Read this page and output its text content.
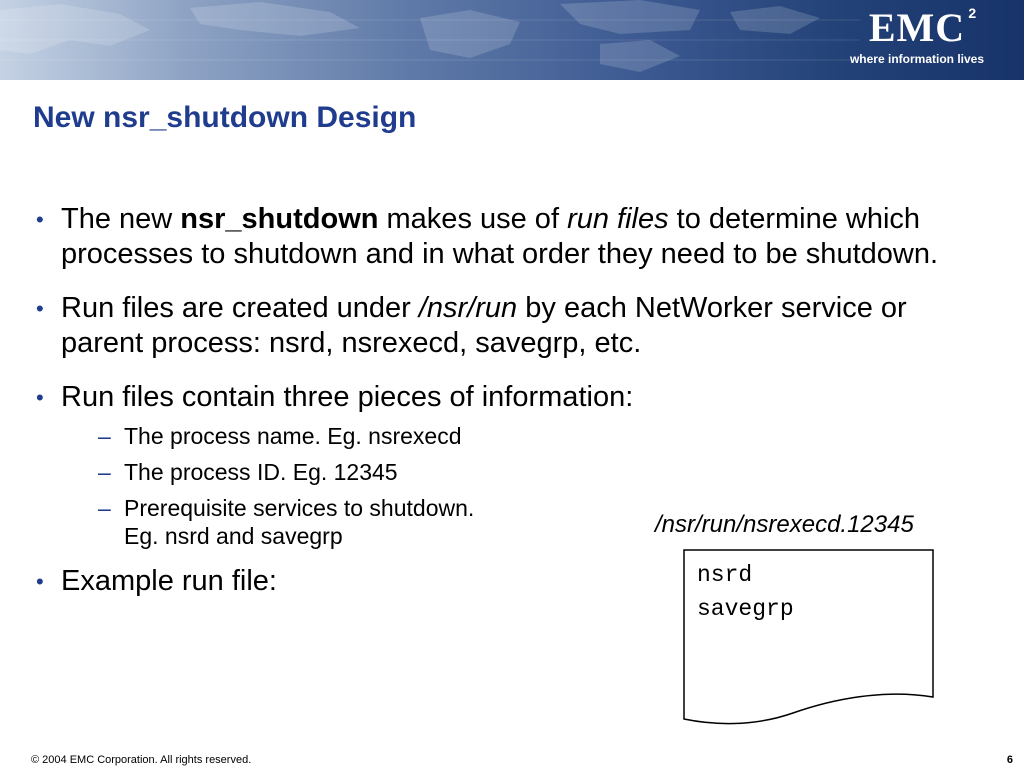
EMC 2
where information lives
New nsr_shutdown Design
• The new nsr_shutdown makes use of run files to determine which processes to shutdown and in what order they need to be shutdown.
• Run files are created under /nsr/run by each NetWorker service or parent process: nsrd, nsrexecd, savegrp, etc.
• Run files contain three pieces of information:
– The process name. Eg. nsrexecd
– The process ID. Eg. 12345
– Prerequisite services to shutdown.
Eg. nsrd and savegrp
• Example run file:
/nsr/run/nsrexecd.12345
nsrd
savegrp
© 2004 EMC Corporation. All rights reserved.	6
